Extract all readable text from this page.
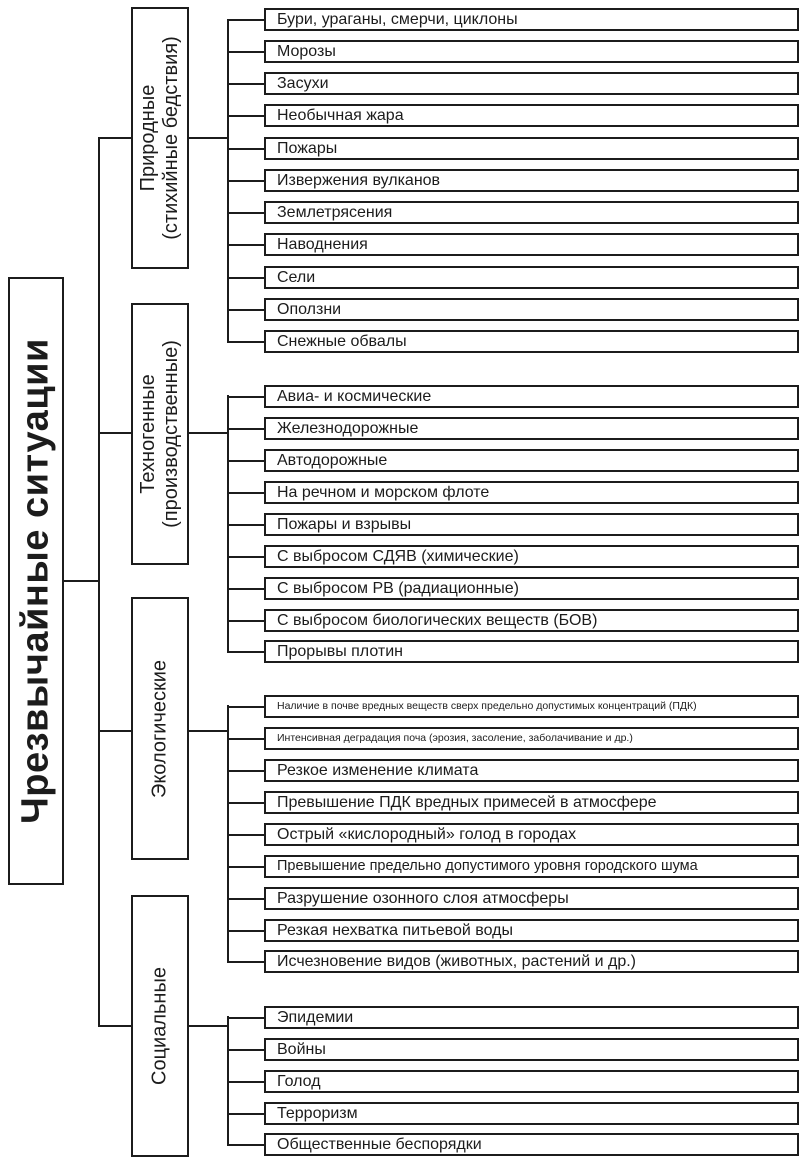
Чрезвычайные ситуации
Природные (стихийные бедствия)
Техногенные (производственные)
Экологические
Социальные
Бури, ураганы, смерчи, циклоны
Морозы
Засухи
Необычная жара
Пожары
Извержения вулканов
Землетрясения
Наводнения
Сели
Оползни
Снежные обвалы
Авиа- и космические
Железнодорожные
Автодорожные
На речном и морском флоте
Пожары и взрывы
С выбросом СДЯВ (химические)
С выбросом РВ (радиационные)
С выбросом биологических веществ (БОВ)
Прорывы плотин
Наличие в почве вредных веществ сверх предельно допустимых концентраций (ПДК)
Интенсивная деградация поча (эрозия, засоление, заболачивание и др.)
Резкое изменение климата
Превышение ПДК вредных примесей в атмосфере
Острый «кислородный» голод в городах
Превышение предельно допустимого уровня городского шума
Разрушение озонного слоя атмосферы
Резкая нехватка питьевой воды
Исчезновение видов (животных, растений и др.)
Эпидемии
Войны
Голод
Терроризм
Общественные беспорядки
